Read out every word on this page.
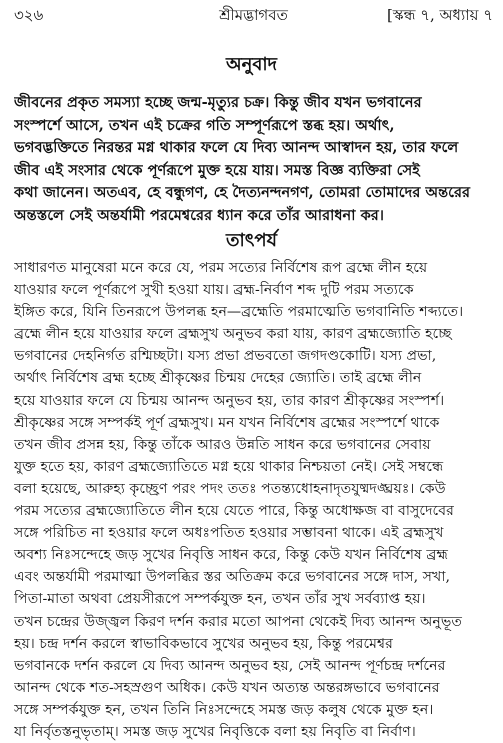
৩২৬	শ্রীমদ্ভাগবত	[স্কন্ধ ৭, অধ্যায় ৭
অনুবাদ
জীবনের প্রকৃত সমস্যা হচ্ছে জন্ম-মৃত্যুর চক্র। কিন্তু জীব যখন ভগবানের
সংস্পর্শে আসে, তখন এই চক্রের গতি সম্পূর্ণরূপে স্তব্ধ হয়। অর্থাৎ,
ভগবদ্ভক্তিতে নিরন্তর মগ্ন থাকার ফলে যে দিব্য আনন্দ আস্বাদন হয়, তার ফলে
জীব এই সংসার থেকে পূর্ণরূপে মুক্ত হয়ে যায়। সমস্ত বিজ্ঞ ব্যক্তিরা সেই
কথা জানেন। অতএব, হে বন্ধুগণ, হে দৈত্যনন্দনগণ, তোমরা তোমাদের অন্তরের
অন্তস্তলে সেই অন্তর্যামী পরমেশ্বরের ধ্যান করে তাঁর আরাধনা কর।
তাৎপর্য
সাধারণত মানুষেরা মনে করে যে, পরম সত্যের নির্বিশেষ রূপ ব্রহ্মে লীন হয়ে
যাওয়ার ফলে পূর্ণরূপে সুখী হওয়া যায়। ব্রহ্ম-নির্বাণ শব্দ দুটি পরম সত্যকে
ইঙ্গিত করে, যিনি তিনরূপে উপলব্ধ হন—ব্রহ্মেতি পরমাত্মেতি ভগবানিতি শব্দ্যতে।
ব্রহ্মে লীন হয়ে যাওয়ার ফলে ব্রহ্মসুখ অনুভব করা যায়, কারণ ব্রহ্মজ্যোতি হচ্ছে
ভগবানের দেহনির্গত রশ্মিচ্ছটা। যস্য প্রভা প্রভবতো জগদণ্ডকোটি। যস্য প্রভা,
অর্থাৎ নির্বিশেষ ব্রহ্ম হচ্ছে শ্রীকৃষ্ণের চিন্ময় দেহের জ্যোতি। তাই ব্রহ্মে লীন
হয়ে যাওয়ার ফলে যে চিন্ময় আনন্দ অনুভব হয়, তার কারণ শ্রীকৃষ্ণের সংস্পর্শ।
শ্রীকৃষ্ণের সঙ্গে সম্পর্কই পূর্ণ ব্রহ্মসুখ। মন যখন নির্বিশেষ ব্রহ্মের সংস্পর্শে থাকে
তখন জীব প্রসন্ন হয়, কিন্তু তাঁকে আরও উন্নতি সাধন করে ভগবানের সেবায়
যুক্ত হতে হয়, কারণ ব্রহ্মজ্যোতিতে মগ্ন হয়ে থাকার নিশ্চয়তা নেই। সেই সম্বন্ধে
বলা হয়েছে, আরুহ্য কৃচ্ছ্রেণ পরং পদং ততঃ পতন্ত্যধোহনাদৃতযুষ্মদঙ্ঘ্রয়ঃ। কেউ
পরম সত্যের ব্রহ্মজ্যোতিতে লীন হয়ে যেতে পারে, কিন্তু অধোক্ষজ বা বাসুদেবের
সঙ্গে পরিচিত না হওয়ার ফলে অধঃপতিত হওয়ার সম্ভাবনা থাকে। এই ব্রহ্মসুখ
অবশ্য নিঃসন্দেহে জড় সুখের নিবৃত্তি সাধন করে, কিন্তু কেউ যখন নির্বিশেষ ব্রহ্ম
এবং অন্তর্যামী পরমাত্মা উপলব্ধির স্তর অতিক্রম করে ভগবানের সঙ্গে দাস, সখা,
পিতা-মাতা অথবা প্রেয়সীরূপে সম্পর্কযুক্ত হন, তখন তাঁর সুখ সর্বব্যাপ্ত হয়।
তখন চন্দ্রের উজ্জ্বল কিরণ দর্শন করার মতো আপনা থেকেই দিব্য আনন্দ অনুভূত
হয়। চন্দ্র দর্শন করলে স্বাভাবিকভাবে সুখের অনুভব হয়, কিন্তু পরমেশ্বর
ভগবানকে দর্শন করলে যে দিব্য আনন্দ অনুভব হয়, সেই আনন্দ পূর্ণচন্দ্র দর্শনের
আনন্দ থেকে শত-সহস্রগুণ অধিক। কেউ যখন অত্যন্ত অন্তরঙ্গভাবে ভগবানের
সঙ্গে সম্পর্কযুক্ত হন, তখন তিনি নিঃসন্দেহে সমস্ত জড় কলুষ থেকে মুক্ত হন।
যা নির্বৃতস্তনুভৃতাম্। সমস্ত জড় সুখের নিবৃত্তিকে বলা হয় নিবৃতি বা নির্বাণ।
